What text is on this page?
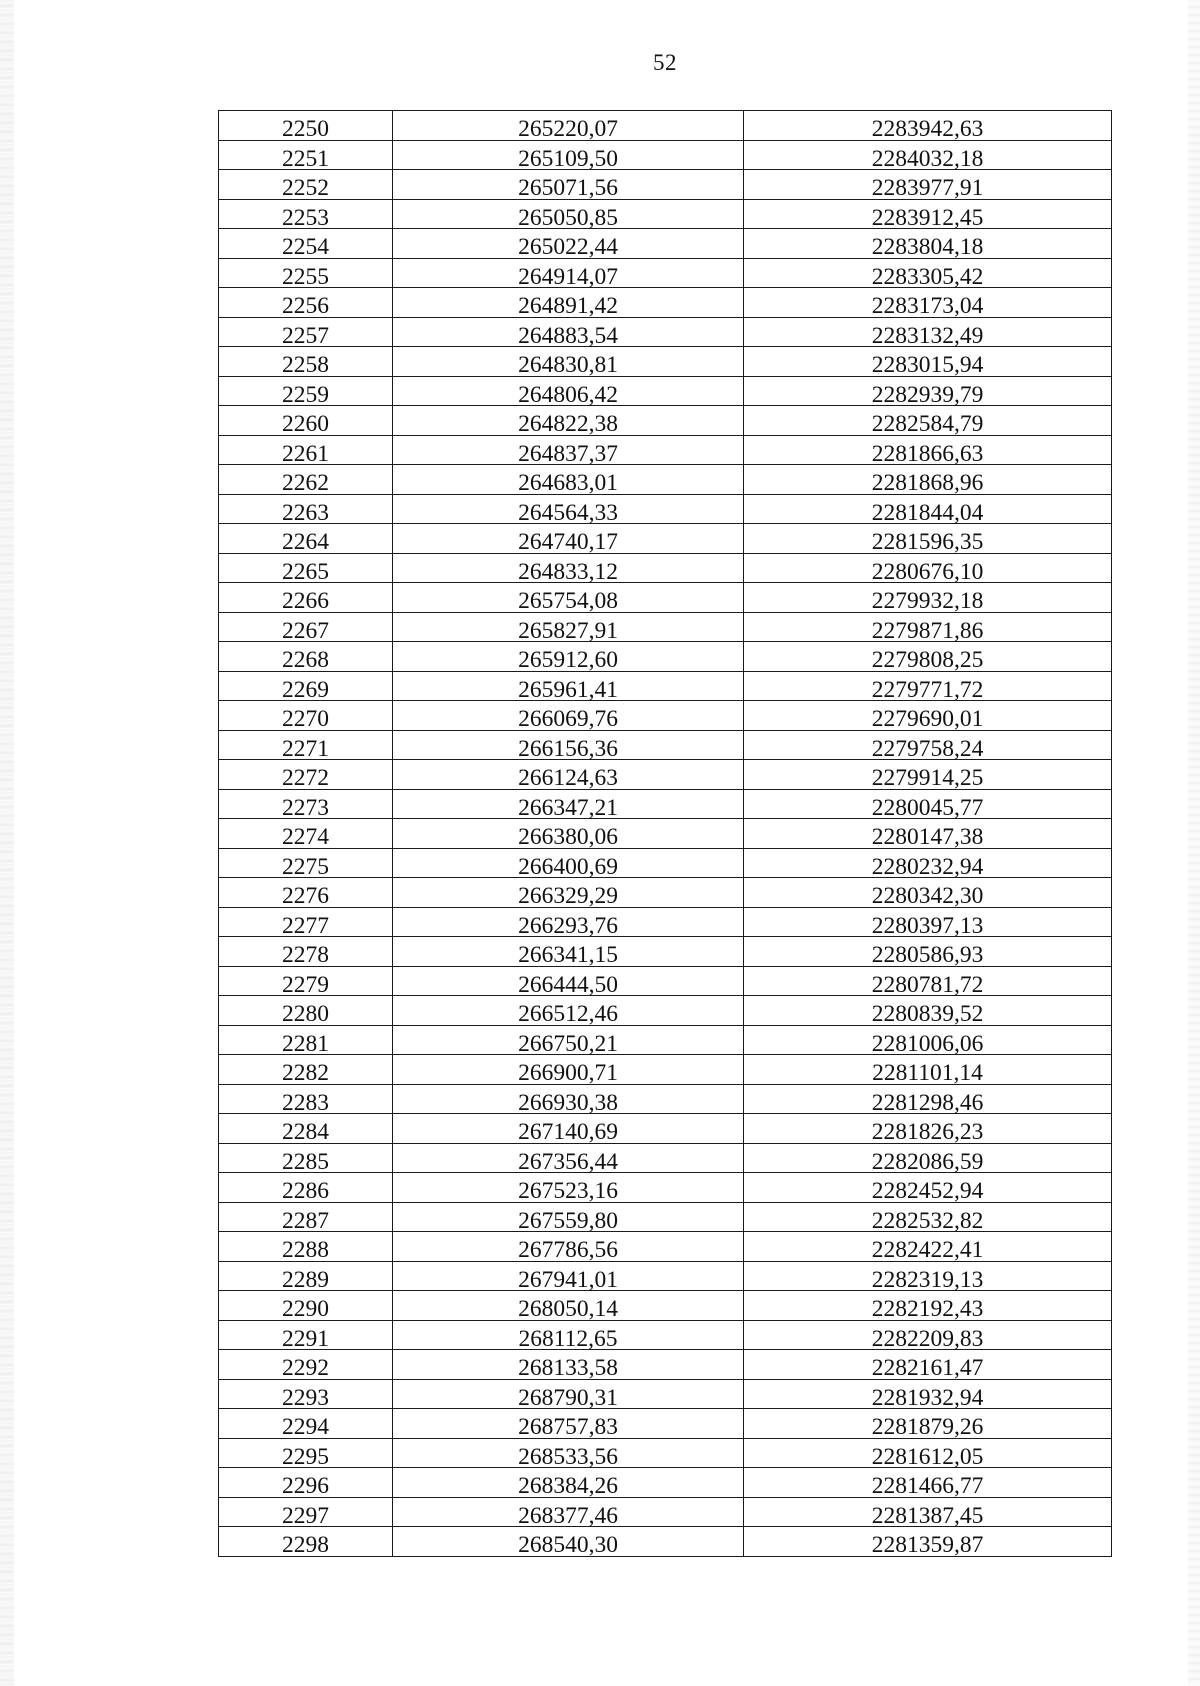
52
2250	265220,07	2283942,63
2251	265109,50	2284032,18
2252	265071,56	2283977,91
2253	265050,85	2283912,45
2254	265022,44	2283804,18
2255	264914,07	2283305,42
2256	264891,42	2283173,04
2257	264883,54	2283132,49
2258	264830,81	2283015,94
2259	264806,42	2282939,79
2260	264822,38	2282584,79
2261	264837,37	2281866,63
2262	264683,01	2281868,96
2263	264564,33	2281844,04
2264	264740,17	2281596,35
2265	264833,12	2280676,10
2266	265754,08	2279932,18
2267	265827,91	2279871,86
2268	265912,60	2279808,25
2269	265961,41	2279771,72
2270	266069,76	2279690,01
2271	266156,36	2279758,24
2272	266124,63	2279914,25
2273	266347,21	2280045,77
2274	266380,06	2280147,38
2275	266400,69	2280232,94
2276	266329,29	2280342,30
2277	266293,76	2280397,13
2278	266341,15	2280586,93
2279	266444,50	2280781,72
2280	266512,46	2280839,52
2281	266750,21	2281006,06
2282	266900,71	2281101,14
2283	266930,38	2281298,46
2284	267140,69	2281826,23
2285	267356,44	2282086,59
2286	267523,16	2282452,94
2287	267559,80	2282532,82
2288	267786,56	2282422,41
2289	267941,01	2282319,13
2290	268050,14	2282192,43
2291	268112,65	2282209,83
2292	268133,58	2282161,47
2293	268790,31	2281932,94
2294	268757,83	2281879,26
2295	268533,56	2281612,05
2296	268384,26	2281466,77
2297	268377,46	2281387,45
2298	268540,30	2281359,87
